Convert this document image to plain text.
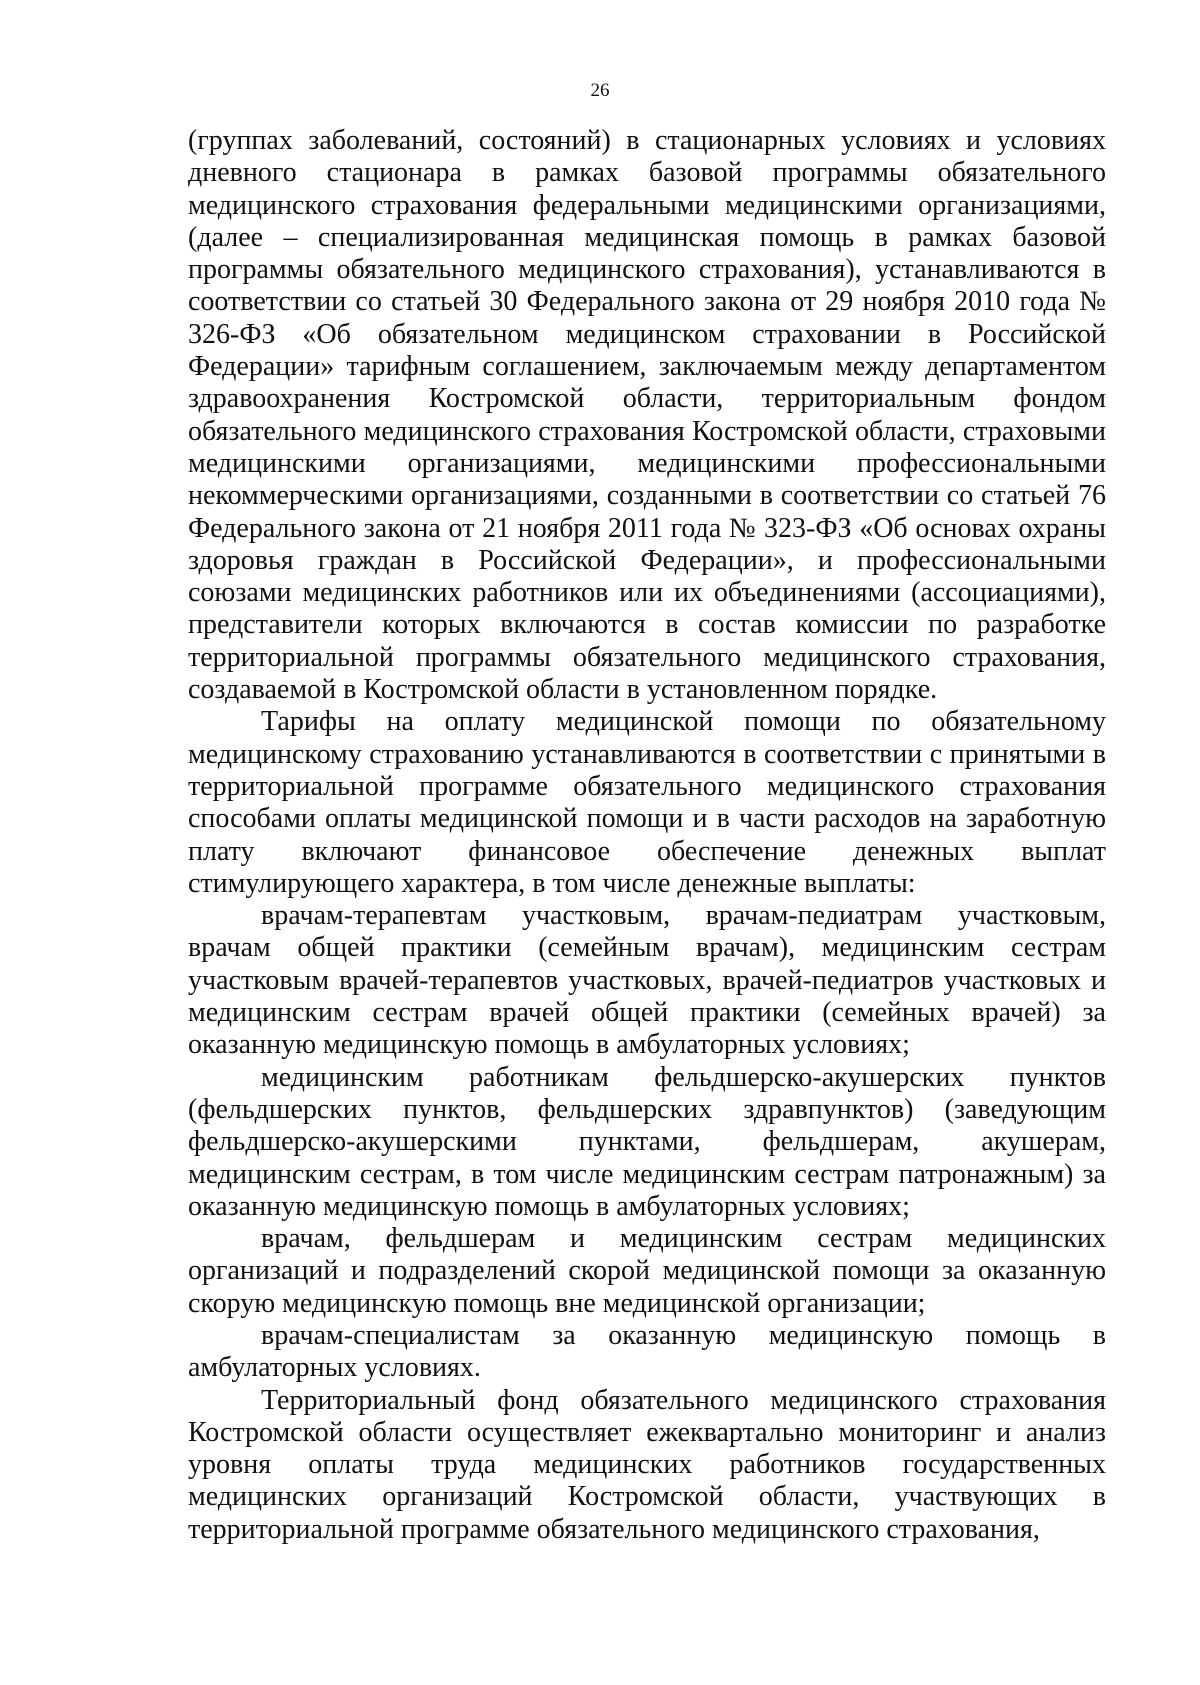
26

(группах заболеваний, состояний) в стационарных условиях и условиях дневного стационара в рамках базовой программы обязательного медицинского страхования федеральными медицинскими организациями, (далее – специализированная медицинская помощь в рамках базовой программы обязательного медицинского страхования), устанавливаются в соответствии со статьей 30 Федерального закона от 29 ноября 2010 года № 326-ФЗ «Об обязательном медицинском страховании в Российской Федерации» тарифным соглашением, заключаемым между департаментом здравоохранения Костромской области, территориальным фондом обязательного медицинского страхования Костромской области, страховыми медицинскими организациями, медицинскими профессиональными некоммерческими организациями, созданными в соответствии со статьей 76 Федерального закона от 21 ноября 2011 года № 323-ФЗ «Об основах охраны здоровья граждан в Российской Федерации», и профессиональными союзами медицинских работников или их объединениями (ассоциациями), представители которых включаются в состав комиссии по разработке территориальной программы обязательного медицинского страхования, создаваемой в Костромской области в установленном порядке.

Тарифы на оплату медицинской помощи по обязательному медицинскому страхованию устанавливаются в соответствии с принятыми в территориальной программе обязательного медицинского страхования способами оплаты медицинской помощи и в части расходов на заработную плату включают финансовое обеспечение денежных выплат стимулирующего характера, в том числе денежные выплаты:

врачам-терапевтам участковым, врачам-педиатрам участковым, врачам общей практики (семейным врачам), медицинским сестрам участковым врачей-терапевтов участковых, врачей-педиатров участковых и медицинским сестрам врачей общей практики (семейных врачей) за оказанную медицинскую помощь в амбулаторных условиях;

медицинским работникам фельдшерско-акушерских пунктов (фельдшерских пунктов, фельдшерских здравпунктов) (заведующим фельдшерско-акушерскими пунктами, фельдшерам, акушерам, медицинским сестрам, в том числе медицинским сестрам патронажным) за оказанную медицинскую помощь в амбулаторных условиях;

врачам, фельдшерам и медицинским сестрам медицинских организаций и подразделений скорой медицинской помощи за оказанную скорую медицинскую помощь вне медицинской организации;

врачам-специалистам за оказанную медицинскую помощь в амбулаторных условиях.

Территориальный фонд обязательного медицинского страхования Костромской области осуществляет ежеквартально мониторинг и анализ уровня оплаты труда медицинских работников государственных медицинских организаций Костромской области, участвующих в территориальной программе обязательного медицинского страхования,
